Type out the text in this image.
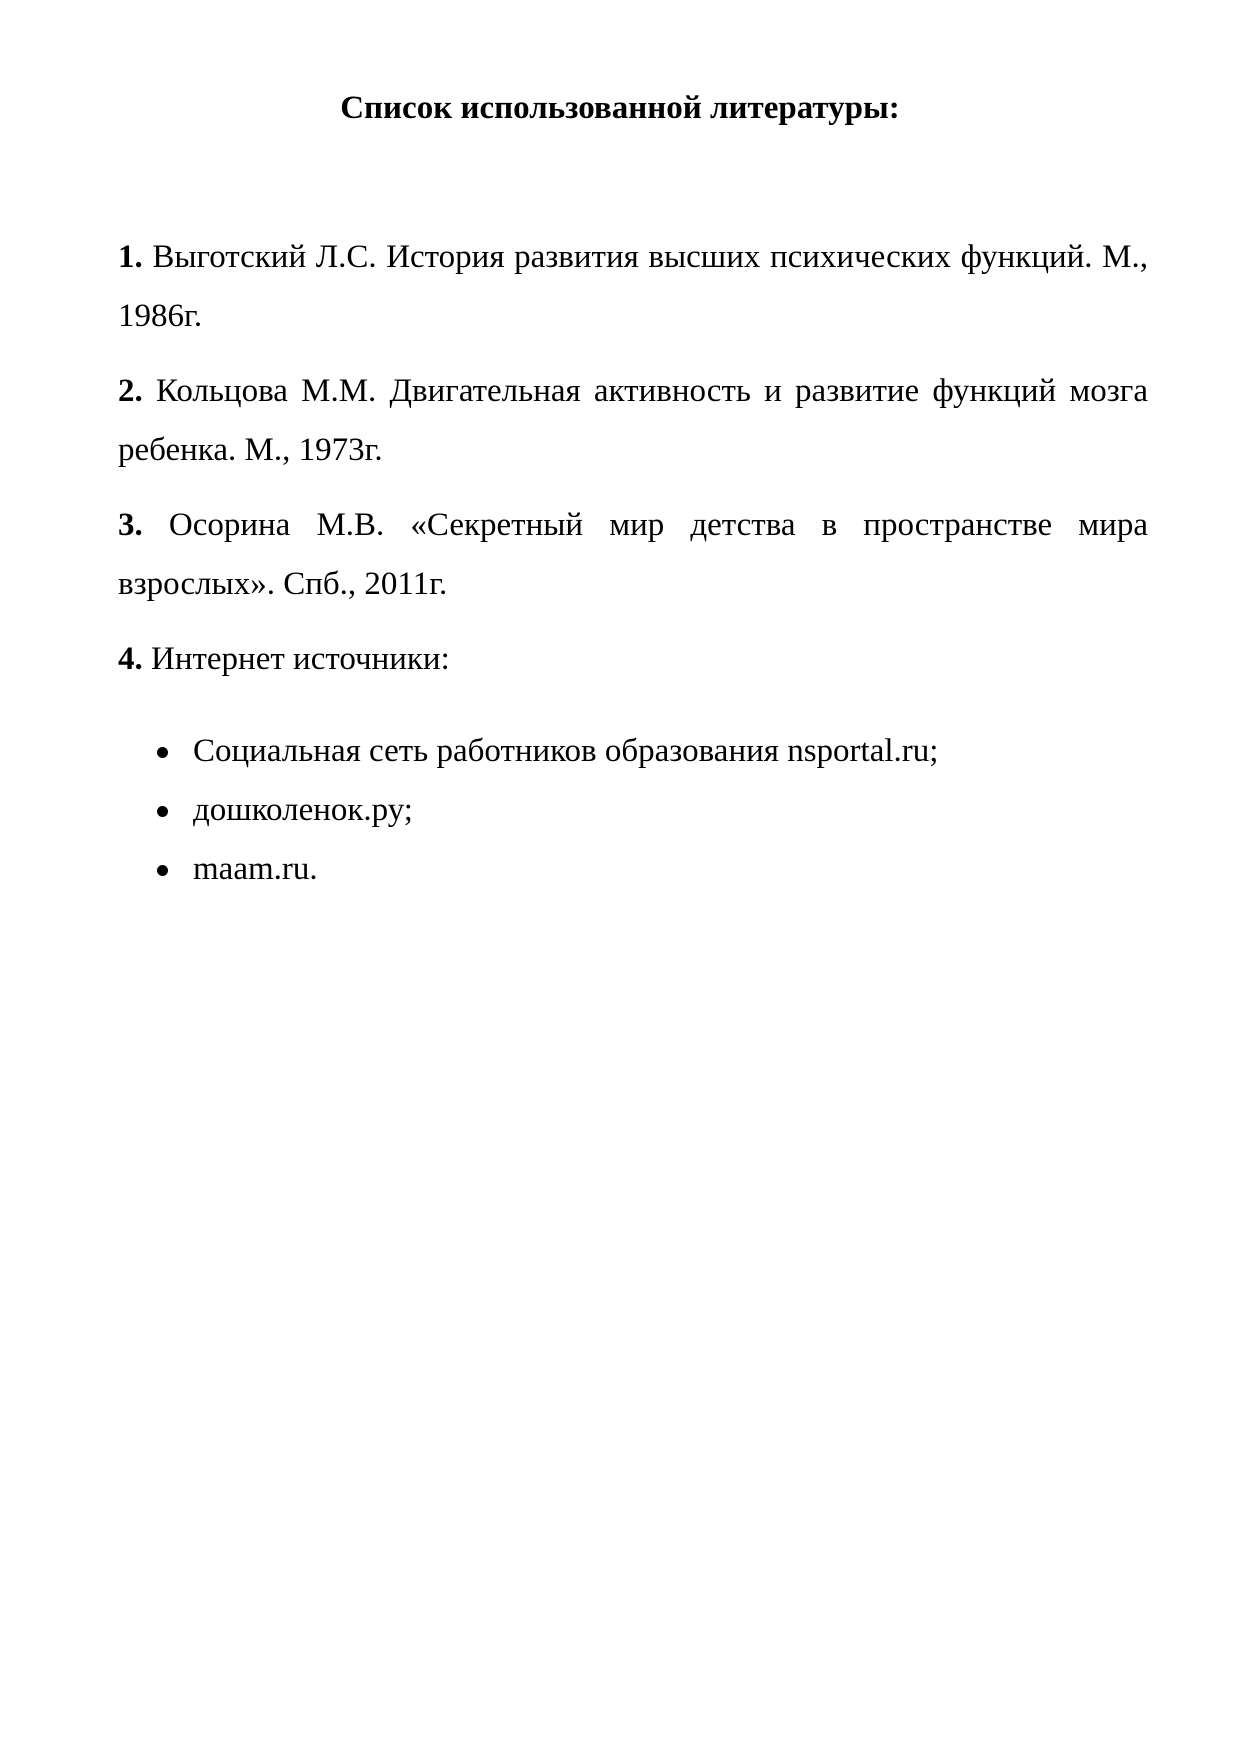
Список использованной литературы:

1. Выготский Л.С. История развития высших психических функций. М., 1986г.

2. Кольцова М.М. Двигательная активность и развитие функций мозга ребенка. М., 1973г.

3. Осорина М.В. «Секретный мир детства в пространстве мира взрослых». Спб., 2011г.

4. Интернет источники:

Социальная сеть работников образования nsportal.ru;
дошколенок.ру;
maam.ru.
